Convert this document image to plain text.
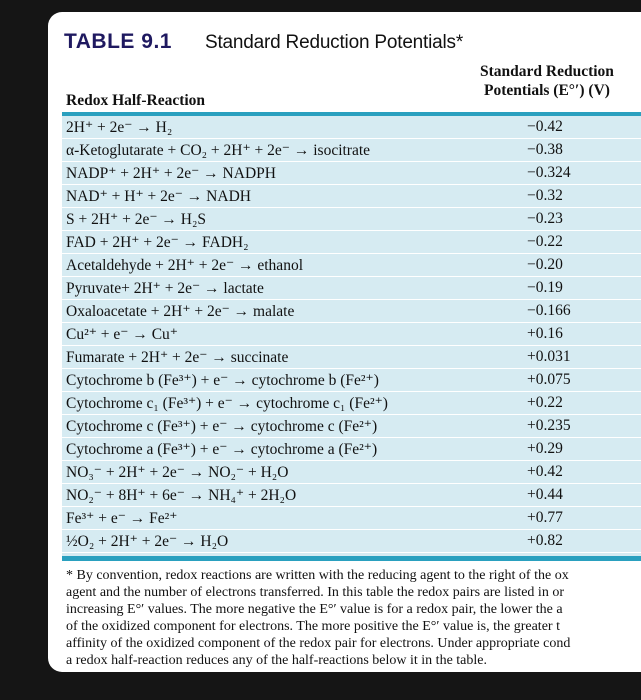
TABLE 9.1 Standard Reduction Potentials*
Redox Half-Reaction
Standard Reduction
Potentials (E°′) (V)
2H⁺ + 2e⁻ → H₂	−0.42
α-Ketoglutarate + CO₂ + 2H⁺ + 2e⁻ → isocitrate	−0.38
NADP⁺ + 2H⁺ + 2e⁻ → NADPH	−0.324
NAD⁺ + H⁺ + 2e⁻ → NADH	−0.32
S + 2H⁺ + 2e⁻ → H₂S	−0.23
FAD + 2H⁺ + 2e⁻ → FADH₂	−0.22
Acetaldehyde + 2H⁺ + 2e⁻ → ethanol	−0.20
Pyruvate+ 2H⁺ + 2e⁻ → lactate	−0.19
Oxaloacetate + 2H⁺ + 2e⁻ → malate	−0.166
Cu²⁺ + e⁻ → Cu⁺	+0.16
Fumarate + 2H⁺ + 2e⁻ → succinate	+0.031
Cytochrome b (Fe³⁺) + e⁻ → cytochrome b (Fe²⁺)	+0.075
Cytochrome c₁ (Fe³⁺) + e⁻ → cytochrome c₁ (Fe²⁺)	+0.22
Cytochrome c (Fe³⁺) + e⁻ → cytochrome c (Fe²⁺)	+0.235
Cytochrome a (Fe³⁺) + e⁻ → cytochrome a (Fe²⁺)	+0.29
NO₃⁻ + 2H⁺ + 2e⁻ → NO₂⁻ + H₂O	+0.42
NO₂⁻ + 8H⁺ + 6e⁻ → NH₄⁺ + 2H₂O	+0.44
Fe³⁺ + e⁻ → Fe²⁺	+0.77
½O₂ + 2H⁺ + 2e⁻ → H₂O	+0.82
* By convention, redox reactions are written with the reducing agent to the right of the ox
agent and the number of electrons transferred. In this table the redox pairs are listed in or
increasing E°′ values. The more negative the E°′ value is for a redox pair, the lower the a
of the oxidized component for electrons. The more positive the E°′ value is, the greater t
affinity of the oxidized component of the redox pair for electrons. Under appropriate cond
a redox half-reaction reduces any of the half-reactions below it in the table.
